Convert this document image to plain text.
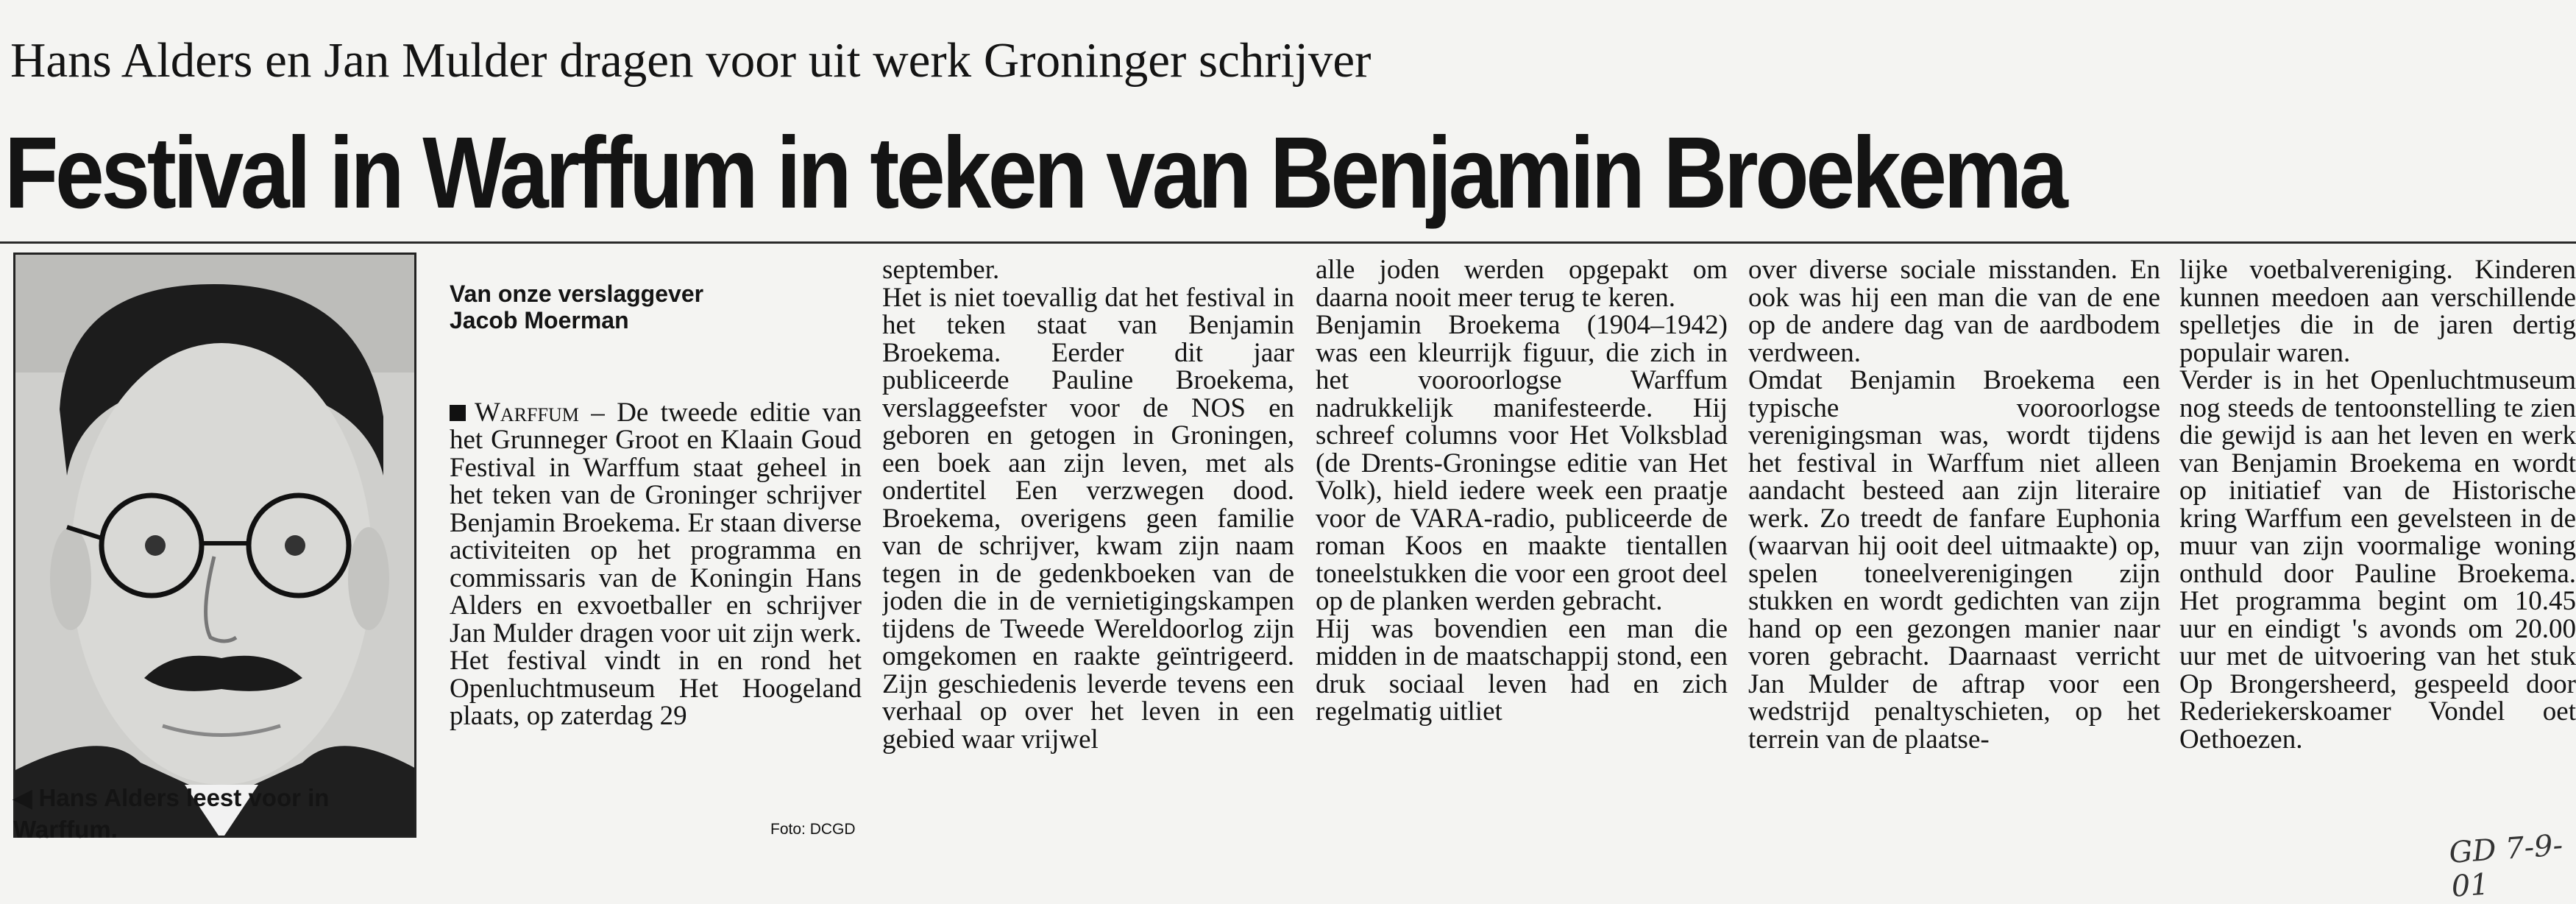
Hans Alders en Jan Mulder dragen voor uit werk Groninger schrijver
Festival in Warffum in teken van Benjamin Broekema
◀ Hans Alders leest voor in Warffum.	Foto: DCGD

Van onze verslaggever
Jacob Moerman

Warffum – De tweede editie van het Grunneger Groot en Klaain Goud Festival in Warffum staat geheel in het teken van de Groninger schrijver Benjamin Broekema. Er staan diverse activiteiten op het programma en commissaris van de Koningin Hans Alders en exvoetballer en schrijver Jan Mulder dragen voor uit zijn werk.
Het festival vindt in en rond het Openluchtmuseum Het Hoogeland plaats, op zaterdag 29

september.
Het is niet toevallig dat het festival in het teken staat van Benjamin Broekema. Eerder dit jaar publiceerde Pauline Broekema, verslaggeefster voor de NOS en geboren en getogen in Groningen, een boek aan zijn leven, met als ondertitel Een verzwegen dood. Broekema, overigens geen familie van de schrijver, kwam zijn naam tegen in de gedenkboeken van de joden die in de vernietigingskampen tijdens de Tweede Wereldoorlog zijn omgekomen en raakte geïntrigeerd. Zijn geschiedenis leverde tevens een verhaal op over het leven in een gebied waar vrijwel
alle joden werden opgepakt om daarna nooit meer terug te keren.
Benjamin Broekema (1904–1942) was een kleurrijk figuur, die zich in het vooroorlogse Warffum nadrukkelijk manifesteerde. Hij schreef columns voor Het Volksblad (de Drents-Groningse editie van Het Volk), hield iedere week een praatje voor de VARA-radio, publiceerde de roman Koos en maakte tientallen toneelstukken die voor een groot deel op de planken werden gebracht.
Hij was bovendien een man die midden in de maatschappij stond, een druk sociaal leven had en zich regelmatig uitliet
over diverse sociale misstanden. En ook was hij een man die van de ene op de andere dag van de aardbodem verdween.
Omdat Benjamin Broekema een typische vooroorlogse verenigingsman was, wordt tijdens het festival in Warffum niet alleen aandacht besteed aan zijn literaire werk. Zo treedt de fanfare Euphonia (waarvan hij ooit deel uitmaakte) op, spelen toneelverenigingen zijn stukken en wordt gedichten van zijn hand op een gezongen manier naar voren gebracht. Daarnaast verricht Jan Mulder de aftrap voor een wedstrijd penaltyschieten, op het terrein van de plaatse-
lijke voetbalvereniging. Kinderen kunnen meedoen aan verschillende spelletjes die in de jaren dertig populair waren.
Verder is in het Openluchtmuseum nog steeds de tentoonstelling te zien die gewijd is aan het leven en werk van Benjamin Broekema en wordt op initiatief van de Historische kring Warffum een gevelsteen in de muur van zijn voormalige woning onthuld door Pauline Broekema. Het programma begint om 10.45 uur en eindigt 's avonds om 20.00 uur met de uitvoering van het stuk Op Brongersheerd, gespeeld door Rederiekerskoamer Vondel oet Oethoezen.
GD 7-9-01
